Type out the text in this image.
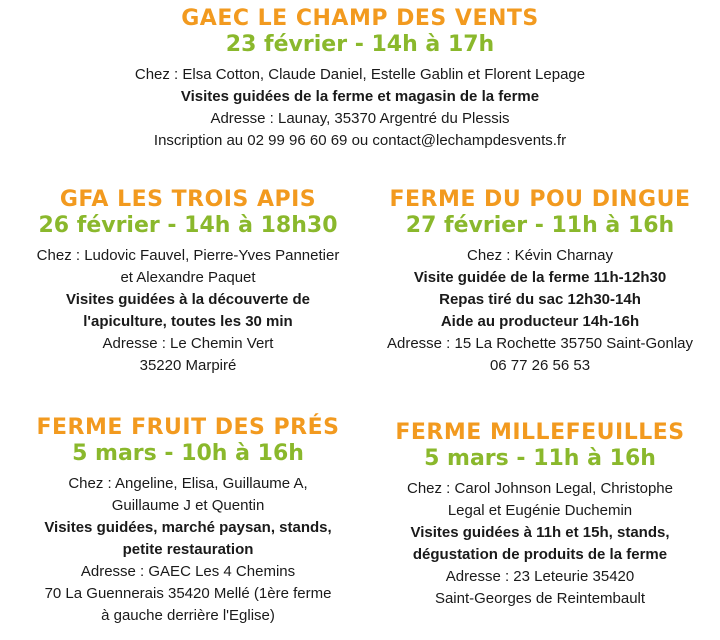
GAEC LE CHAMP DES VENTS
23 février - 14h à 17h
Chez : Elsa Cotton, Claude Daniel, Estelle Gablin et Florent Lepage
Visites guidées de la ferme et magasin de la ferme
Adresse : Launay, 35370 Argentré du Plessis
Inscription au 02 99 96 60 69 ou contact@lechampdesvents.fr
GFA LES TROIS APIS
26 février - 14h à 18h30
Chez : Ludovic Fauvel, Pierre-Yves Pannetier
et Alexandre Paquet
Visites guidées à la découverte de
l'apiculture, toutes les 30 min
Adresse : Le Chemin Vert
35220 Marpiré
FERME DU POU DINGUE
27 février - 11h à 16h
Chez : Kévin Charnay
Visite guidée de la ferme 11h-12h30
Repas tiré du sac 12h30-14h
Aide au producteur 14h-16h
Adresse : 15 La Rochette 35750 Saint-Gonlay
06 77 26 56 53
FERME FRUIT DES PRÉS
5 mars - 10h à 16h
Chez : Angeline, Elisa, Guillaume A,
Guillaume J et Quentin
Visites guidées, marché paysan, stands,
petite restauration
Adresse : GAEC Les 4 Chemins
70 La Guennerais 35420 Mellé (1ère ferme
à gauche derrière l'Eglise)
FERME MILLEFEUILLES
5 mars - 11h à 16h
Chez : Carol Johnson Legal, Christophe
Legal et Eugénie Duchemin
Visites guidées à 11h et 15h, stands,
dégustation de produits de la ferme
Adresse : 23 Leteurie 35420
Saint-Georges de Reintembault
